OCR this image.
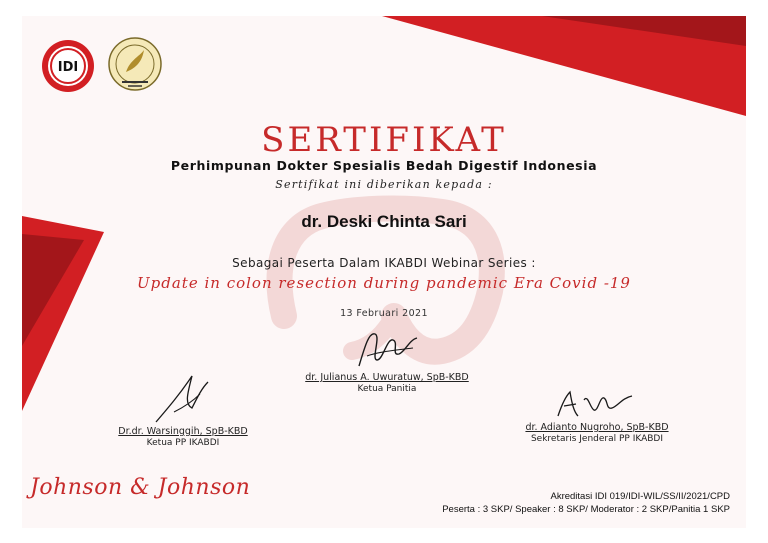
IDI
SERTIFIKAT
Perhimpunan Dokter Spesialis Bedah Digestif Indonesia
Sertifikat ini diberikan kepada :
dr. Deski Chinta Sari
Sebagai Peserta Dalam IKABDI Webinar Series :
Update in colon resection during pandemic Era Covid -19
13 Februari 2021
dr. Julianus A. Uwuratuw, SpB-KBD
Ketua Panitia
Dr.dr. Warsinggih, SpB-KBD
Ketua PP IKABDI
dr. Adianto Nugroho, SpB-KBD
Sekretaris Jenderal PP IKABDI
Johnson & Johnson	Akreditasi IDI 019/IDI-WIL/SS/II/2021/CPD
Peserta : 3 SKP/ Speaker : 8 SKP/ Moderator : 2 SKP/Panitia 1 SKP
